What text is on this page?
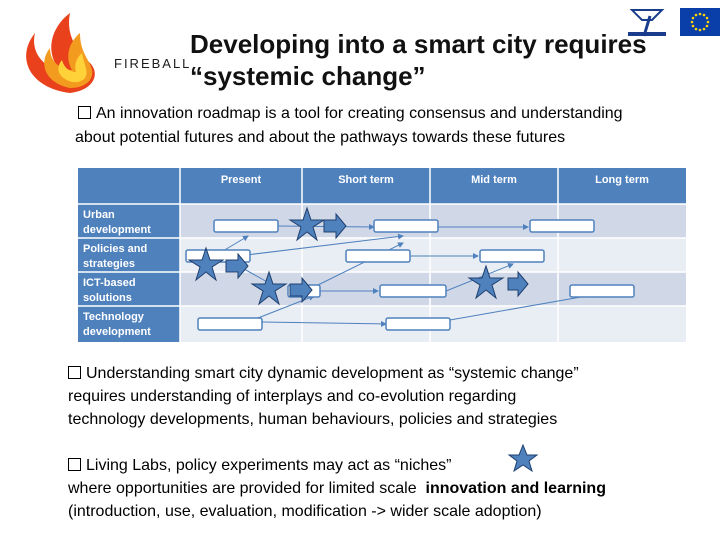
FIREBALL
Developing into a smart city requires
“systemic change”
An innovation roadmap is a tool for creating consensus and understanding
about potential futures and about the pathways towards these futures
Present	Short term	Mid term	Long term
Urban
development
Policies and
strategies
ICT-based
solutions
Technology
development

Understanding smart city dynamic development as “systemic change”

requires understanding of interplays and co-evolution regarding

technology developments, human behaviours, policies and strategies

Living Labs, policy experiments may act as “niches”

where opportunities are provided for limited scale  innovation and learning

(introduction, use, evaluation, modification -> wider scale adoption)
